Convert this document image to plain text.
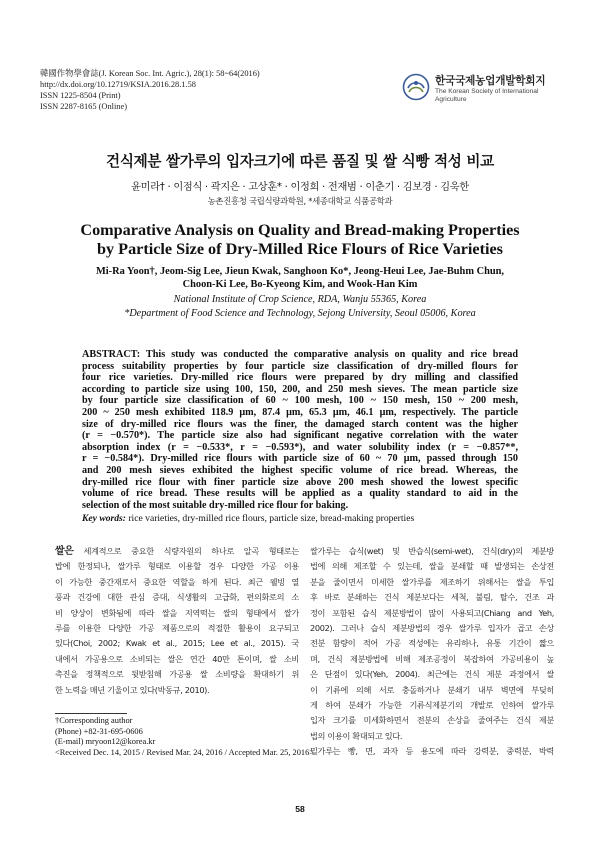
韓國作物學會誌(J. Korean Soc. Int. Agric.), 28(1): 58~64(2016)
http://dx.doi.org/10.12719/KSIA.2016.28.1.58
ISSN 1225-8504 (Print)
ISSN 2287-8165 (Online)
한국국제농업개발학회지
The Korean Society of International
Agriculture
건식제분 쌀가루의 입자크기에 따른 품질 및 쌀 식빵 적성 비교
윤미라† · 이점식 · 곽지은 · 고상훈* · 이정희 · 전재범 · 이춘기 · 김보경 · 김욱한
농촌진흥청 국립식량과학원, *세종대학교 식품공학과
Comparative Analysis on Quality and Bread-making Properties
by Particle Size of Dry-Milled Rice Flours of Rice Varieties
Mi-Ra Yoon†, Jeom-Sig Lee, Jieun Kwak, Sanghoon Ko*, Jeong-Heui Lee, Jae-Buhm Chun,
Choon-Ki Lee, Bo-Kyeong Kim, and Wook-Han Kim
National Institute of Crop Science, RDA, Wanju 55365, Korea
*Department of Food Science and Technology, Sejong University, Seoul 05006, Korea
ABSTRACT: This study was conducted the comparative analysis on quality and rice bread
process suitability properties by four particle size classification of dry-milled flours for
four rice varieties. Dry-milled rice flours were prepared by dry milling and classified
according to particle size using 100, 150, 200, and 250 mesh sieves. The mean particle size
by four particle size classification of 60 ~ 100 mesh, 100 ~ 150 mesh, 150 ~ 200 mesh,
200 ~ 250 mesh exhibited 118.9 μm, 87.4 μm, 65.3 μm, 46.1 μm, respectively. The particle
size of dry-milled rice flours was the finer, the damaged starch content was the higher
(r = −0.570*). The particle size also had significant negative correlation with the water
absorption index (r = −0.533*, r = −0.593*), and water solubility index (r = −0.857**,
r = −0.584*). Dry-milled rice flours with particle size of 60 ~ 70 μm, passed through 150
and 200 mesh sieves exhibited the highest specific volume of rice bread. Whereas, the
dry-milled rice flour with finer particle size above 200 mesh showed the lowest specific
volume of rice bread. These results will be applied as a quality standard to aid in the
selection of the most suitable dry-milled rice flour for baking.
Key words: rice varieties, dry-milled rice flours, particle size, bread-making properties
쌀은 세계적으로 중요한 식량자원의 하나로 알곡 형태로는
밥에 한정되나, 쌀가루 형태로 이용할 경우 다양한 가공 이용
이 가능한 중간재로서 중요한 역할을 하게 된다. 최근 웰빙 열
풍과 건강에 대한 관심 증대, 식생활의 고급화, 편의화로의 소
비 양상이 변화됨에 따라 쌀을 지역떡는 쌀의 형태에서 쌀가
루를 이용한 다양한 가공 제품으로의 적절한 활용이 요구되고
있다(Choi, 2002; Kwak et al., 2015; Lee et al., 2015). 국
내에서 가공용으로 소비되는 쌀은 연간 40만 톤이며, 쌀 소비
촉진을 정책적으로 뒷받침해 가공용 쌀 소비량을 확대하기 위
한 노력을 매년 기울이고 있다(박동규, 2010).
쌀가루는 습식(wet) 및 반습식(semi-wet), 건식(dry)의 제분방
법에 의해 제조할 수 있는데, 쌀을 분쇄할 때 발생되는 손상전
분을 줄이면서 미세한 쌀가루를 제조하기 위해서는 쌀을 투입
후 바로 분쇄하는 건식 제분보다는 세척, 불림, 탈수, 건조 과
정이 포함된 습식 제분방법이 많이 사용되고(Chiang and Yeh,
2002). 그러나 습식 제분방법의 경우 쌀가루 입자가 곱고 손상
전분 함량이 적어 가공 적성에는 유리하나, 유통 기간이 짧으
며, 건식 제분방법에 비해 제조공정이 복잡하여 가공비용이 높
은 단점이 있다(Yeh, 2004). 최근에는 건식 제분 과정에서 쌀
이 기류에 의해 서로 충돌하거나 분쇄기 내부 벽면에 부딪히
게 하여 분쇄가 가능한 기류식제분기의 개발로 인하여 쌀가루
입자 크기를 미세화하면서 전분의 손상을 줄여주는 건식 제분
법의 이용이 확대되고 있다.
밀가루는 빵, 면, 과자 등 용도에 따라 강력분, 중력분, 박력
†Corresponding author
(Phone) +82-31-695-0606
(E-mail) mryoon12@korea.kr
<Received Dec. 14, 2015 / Revised Mar. 24, 2016 / Accepted Mar. 25, 2016>
58
